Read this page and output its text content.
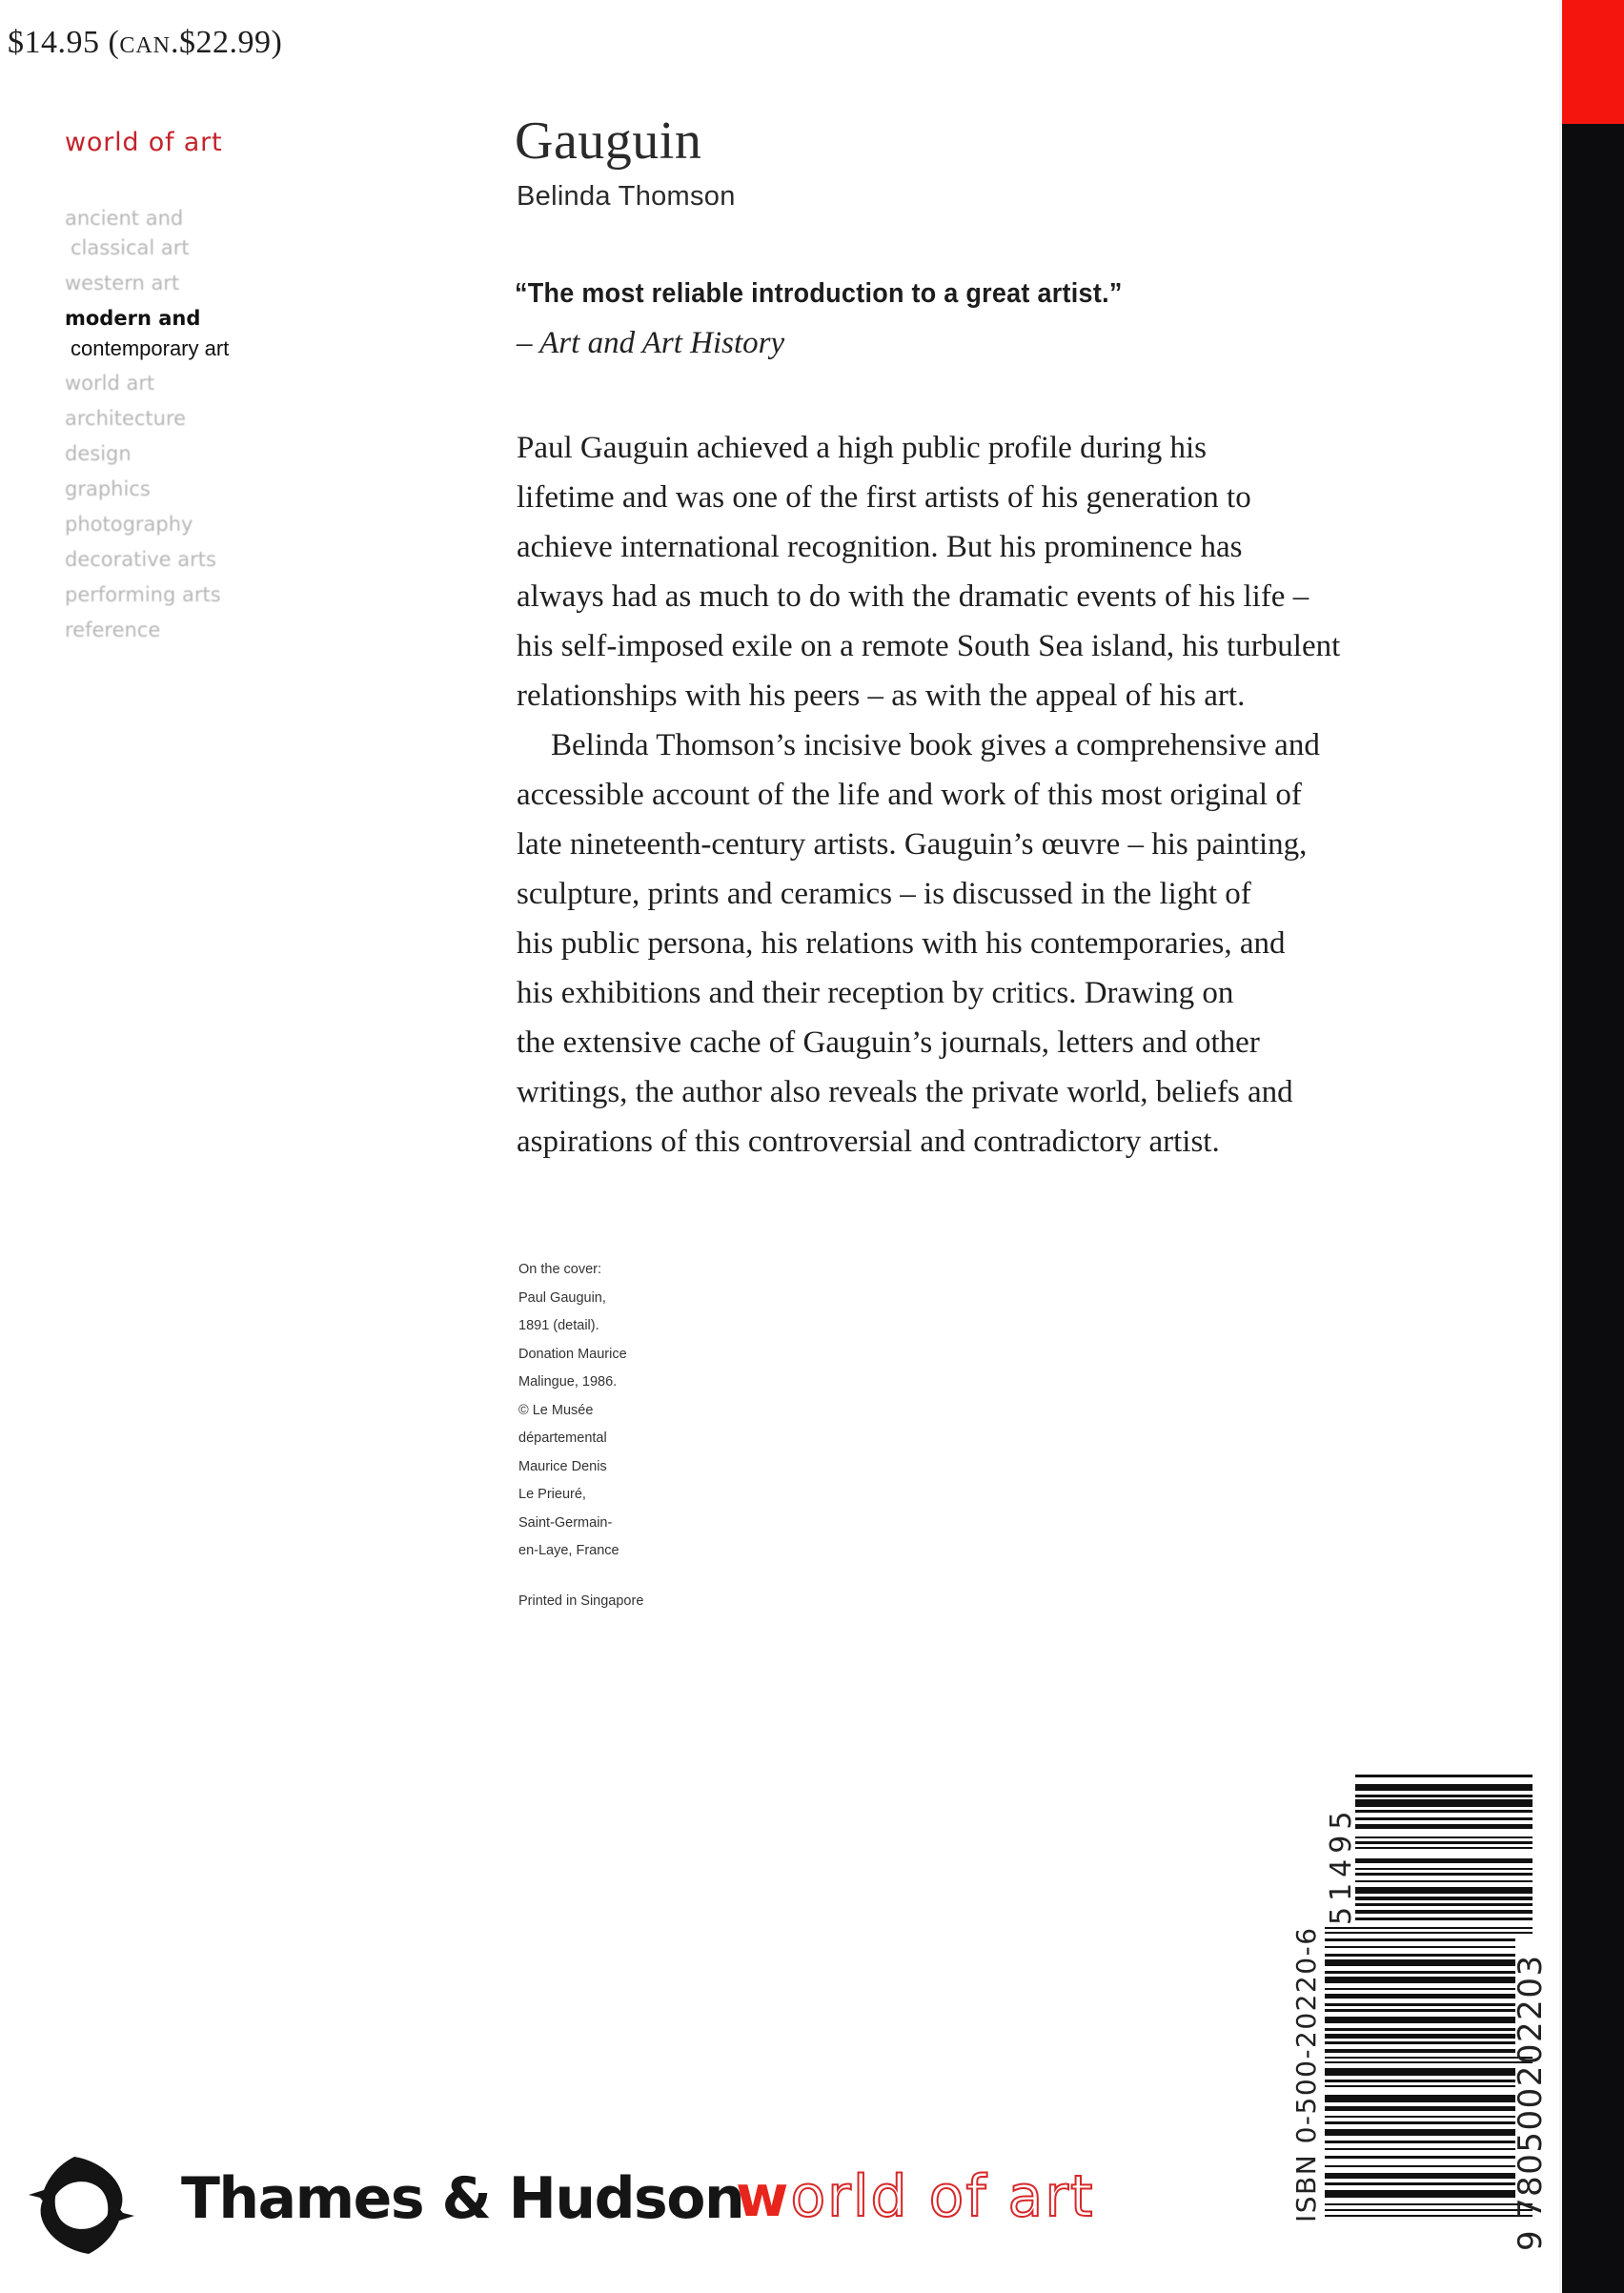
$14.95 (CAN.$22.99)
world of art
ancient and
classical art
western art
modern and
contemporary art
world art
architecture
design
graphics
photography
decorative arts
performing arts
reference
Gauguin
Belinda Thomson
“The most reliable introduction to a great artist.”
– Art and Art History
Paul Gauguin achieved a high public profile during his
lifetime and was one of the first artists of his generation to
achieve international recognition. But his prominence has
always had as much to do with the dramatic events of his life –
his self-imposed exile on a remote South Sea island, his turbulent
relationships with his peers – as with the appeal of his art.
Belinda Thomson’s incisive book gives a comprehensive and
accessible account of the life and work of this most original of
late nineteenth-century artists. Gauguin’s œuvre – his painting,
sculpture, prints and ceramics – is discussed in the light of
his public persona, his relations with his contemporaries, and
his exhibitions and their reception by critics. Drawing on
the extensive cache of Gauguin’s journals, letters and other
writings, the author also reveals the private world, beliefs and
aspirations of this controversial and contradictory artist.
On the cover:
Paul Gauguin,
1891 (detail).
Donation Maurice
Malingue, 1986.
© Le Musée
départemental
Maurice Denis
Le Prieuré,
Saint-Germain-
en-Laye, France
Printed in Singapore
51495
ISBN 0-500-20220-6
9
780500202203
Thames & Hudson
world of art
